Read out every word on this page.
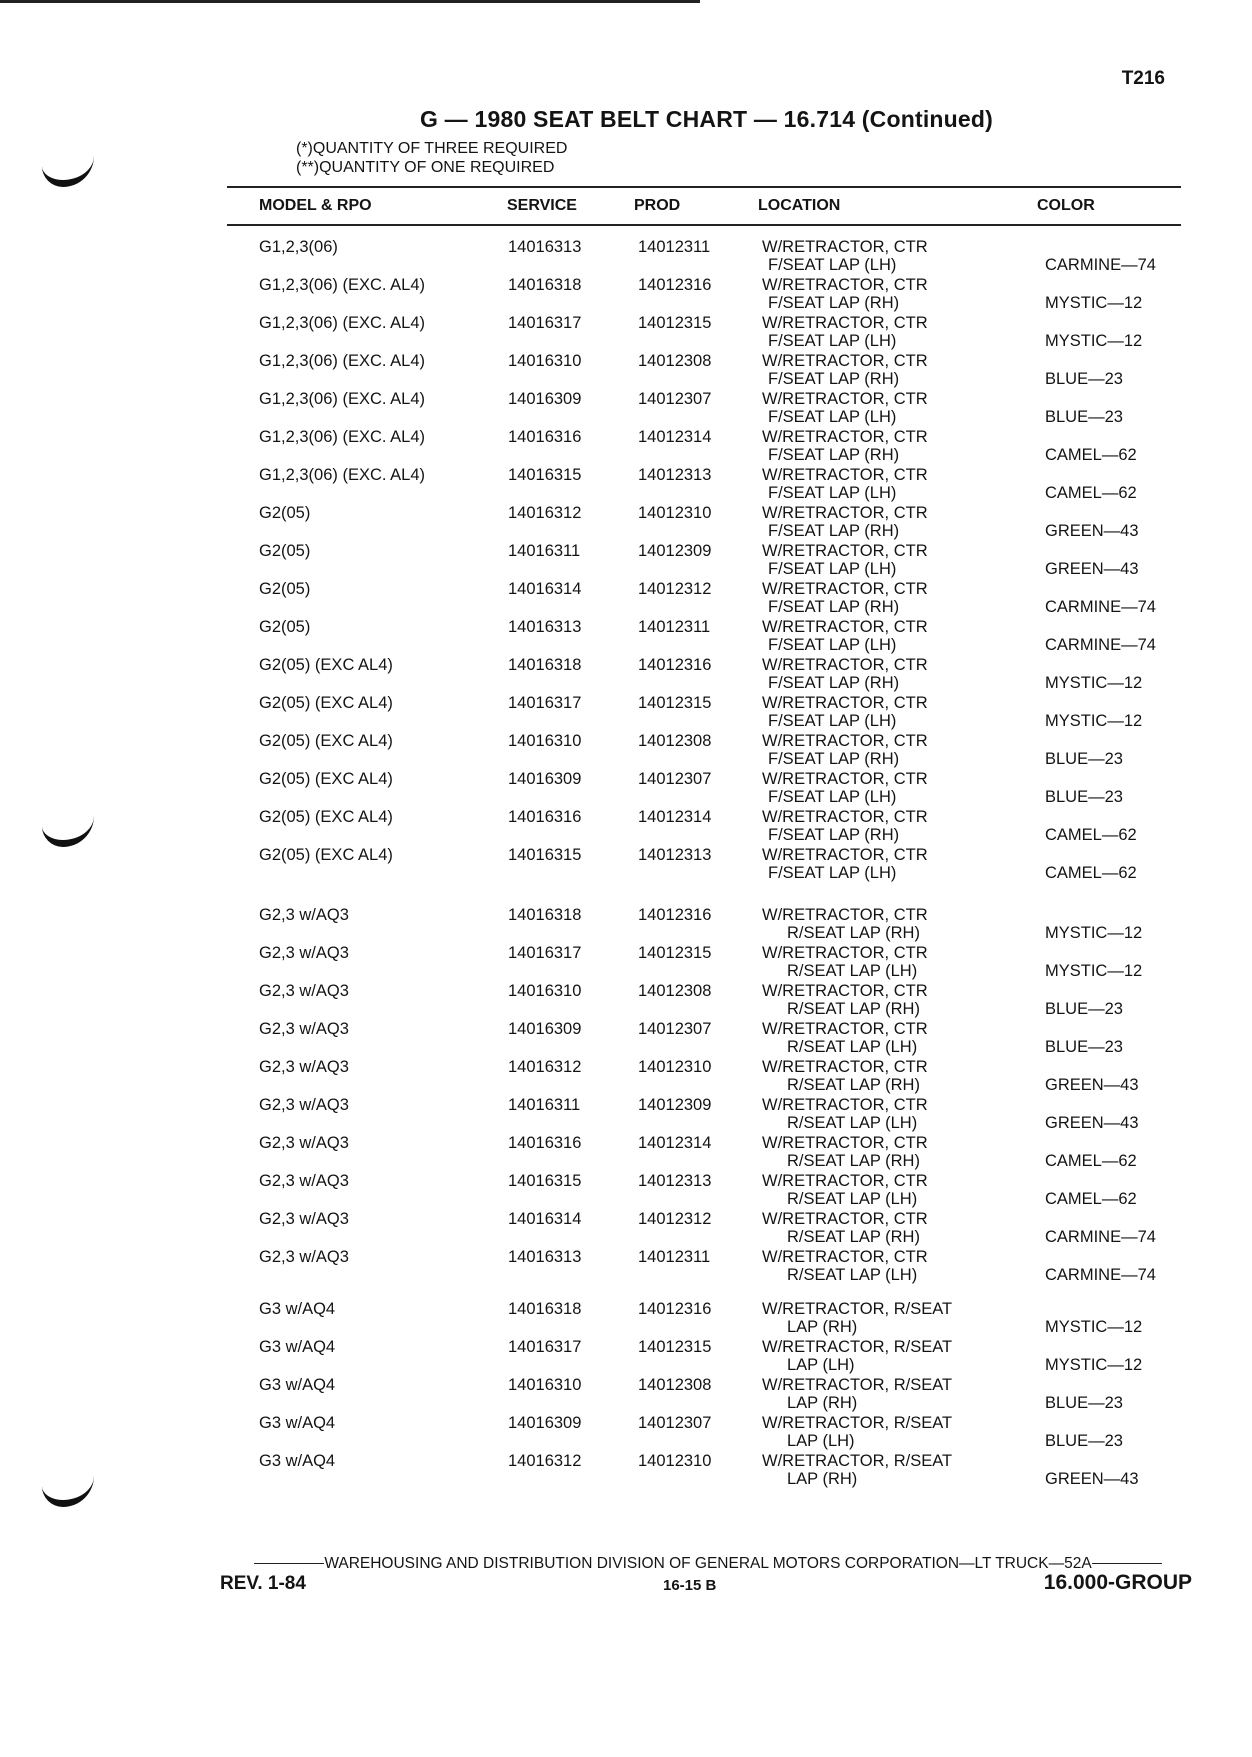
T216
G — 1980 SEAT BELT CHART — 16.714 (Continued)
(*)QUANTITY OF THREE REQUIRED
(**)QUANTITY OF ONE REQUIRED
MODEL & RPO	SERVICE	PROD	LOCATION	COLOR
G1,2,3(06)	14016313	14012311	W/RETRACTOR, CTR
F/SEAT LAP (LH)	CARMINE—74
G1,2,3(06) (EXC. AL4)	14016318	14012316	W/RETRACTOR, CTR
F/SEAT LAP (RH)	MYSTIC—12
G1,2,3(06) (EXC. AL4)	14016317	14012315	W/RETRACTOR, CTR
F/SEAT LAP (LH)	MYSTIC—12
G1,2,3(06) (EXC. AL4)	14016310	14012308	W/RETRACTOR, CTR
F/SEAT LAP (RH)	BLUE—23
G1,2,3(06) (EXC. AL4)	14016309	14012307	W/RETRACTOR, CTR
F/SEAT LAP (LH)	BLUE—23
G1,2,3(06) (EXC. AL4)	14016316	14012314	W/RETRACTOR, CTR
F/SEAT LAP (RH)	CAMEL—62
G1,2,3(06) (EXC. AL4)	14016315	14012313	W/RETRACTOR, CTR
F/SEAT LAP (LH)	CAMEL—62
G2(05)	14016312	14012310	W/RETRACTOR, CTR
F/SEAT LAP (RH)	GREEN—43
G2(05)	14016311	14012309	W/RETRACTOR, CTR
F/SEAT LAP (LH)	GREEN—43
G2(05)	14016314	14012312	W/RETRACTOR, CTR
F/SEAT LAP (RH)	CARMINE—74
G2(05)	14016313	14012311	W/RETRACTOR, CTR
F/SEAT LAP (LH)	CARMINE—74
G2(05) (EXC AL4)	14016318	14012316	W/RETRACTOR, CTR
F/SEAT LAP (RH)	MYSTIC—12
G2(05) (EXC AL4)	14016317	14012315	W/RETRACTOR, CTR
F/SEAT LAP (LH)	MYSTIC—12
G2(05) (EXC AL4)	14016310	14012308	W/RETRACTOR, CTR
F/SEAT LAP (RH)	BLUE—23
G2(05) (EXC AL4)	14016309	14012307	W/RETRACTOR, CTR
F/SEAT LAP (LH)	BLUE—23
G2(05) (EXC AL4)	14016316	14012314	W/RETRACTOR, CTR
F/SEAT LAP (RH)	CAMEL—62
G2(05) (EXC AL4)	14016315	14012313	W/RETRACTOR, CTR
F/SEAT LAP (LH)	CAMEL—62
G2,3 w/AQ3	14016318	14012316	W/RETRACTOR, CTR
R/SEAT LAP (RH)	MYSTIC—12
G2,3 w/AQ3	14016317	14012315	W/RETRACTOR, CTR
R/SEAT LAP (LH)	MYSTIC—12
G2,3 w/AQ3	14016310	14012308	W/RETRACTOR, CTR
R/SEAT LAP (RH)	BLUE—23
G2,3 w/AQ3	14016309	14012307	W/RETRACTOR, CTR
R/SEAT LAP (LH)	BLUE—23
G2,3 w/AQ3	14016312	14012310	W/RETRACTOR, CTR
R/SEAT LAP (RH)	GREEN—43
G2,3 w/AQ3	14016311	14012309	W/RETRACTOR, CTR
R/SEAT LAP (LH)	GREEN—43
G2,3 w/AQ3	14016316	14012314	W/RETRACTOR, CTR
R/SEAT LAP (RH)	CAMEL—62
G2,3 w/AQ3	14016315	14012313	W/RETRACTOR, CTR
R/SEAT LAP (LH)	CAMEL—62
G2,3 w/AQ3	14016314	14012312	W/RETRACTOR, CTR
R/SEAT LAP (RH)	CARMINE—74
G2,3 w/AQ3	14016313	14012311	W/RETRACTOR, CTR
R/SEAT LAP (LH)	CARMINE—74
G3 w/AQ4	14016318	14012316	W/RETRACTOR, R/SEAT
LAP (RH)	MYSTIC—12
G3 w/AQ4	14016317	14012315	W/RETRACTOR, R/SEAT
LAP (LH)	MYSTIC—12
G3 w/AQ4	14016310	14012308	W/RETRACTOR, R/SEAT
LAP (RH)	BLUE—23
G3 w/AQ4	14016309	14012307	W/RETRACTOR, R/SEAT
LAP (LH)	BLUE—23
G3 w/AQ4	14016312	14012310	W/RETRACTOR, R/SEAT
LAP (RH)	GREEN—43
WAREHOUSING AND DISTRIBUTION DIVISION OF GENERAL MOTORS CORPORATION—LT TRUCK—52A
REV. 1-84	16-15 B	16.000-GROUP
